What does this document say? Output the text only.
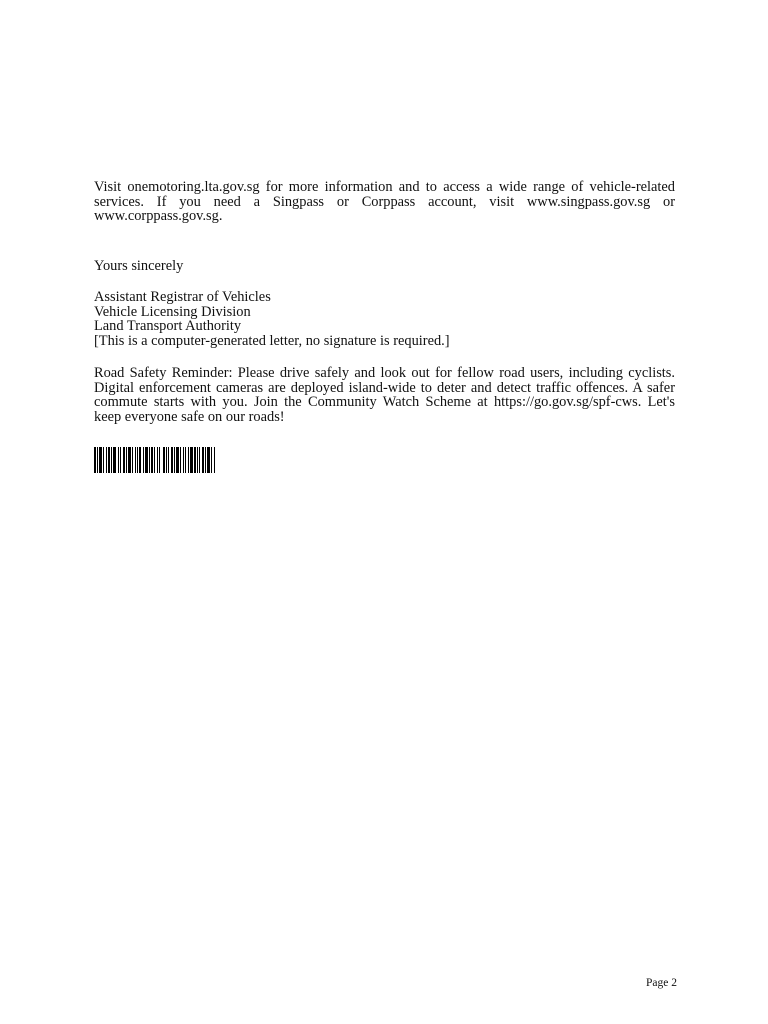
Visit onemotoring.lta.gov.sg for more information and to access a wide range of vehicle-related services. If you need a Singpass or Corppass account, visit www.singpass.gov.sg or www.corppass.gov.sg.

Yours sincerely

Assistant Registrar of Vehicles
Vehicle Licensing Division
Land Transport Authority
[This is a computer-generated letter, no signature is required.]

Road Safety Reminder: Please drive safely and look out for fellow road users, including cyclists. Digital enforcement cameras are deployed island-wide to deter and detect traffic offences. A safer commute starts with you. Join the Community Watch Scheme at https://go.gov.sg/spf-cws. Let's keep everyone safe on our roads!

Page 2
